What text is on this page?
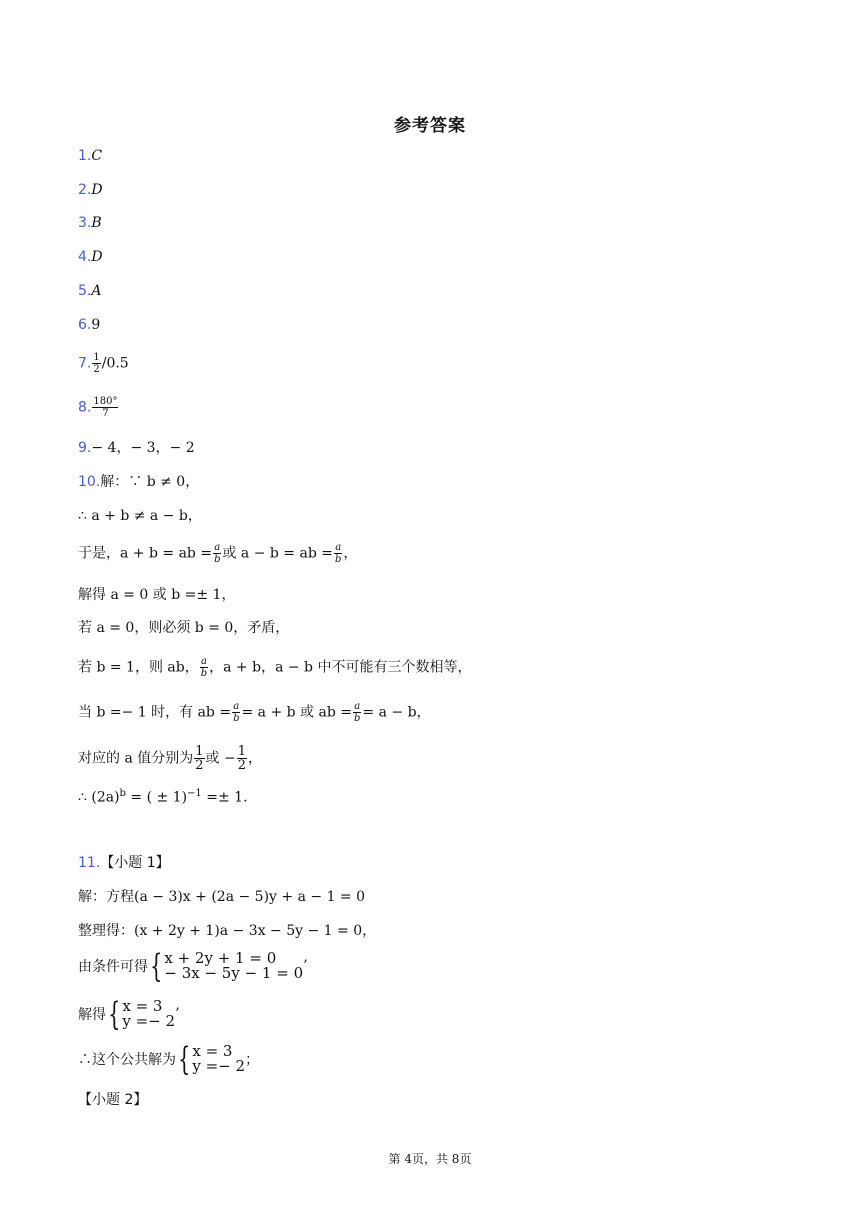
参考答案
1.C
2.D
3.B
4.D
5.A
6.9
7. $\frac{1}{2} /0.5$
8. $\frac{180^\circ}{7}$
9.− 4，− 3，− 2
10.解：∵ b ≠ 0，
∴ a + b ≠ a − b，
于是，a + b = ab = $\frac{a}{b}$ 或 a − b = ab = $\frac{a}{b}$ ，
解得 a = 0 或 b =± 1，
若 a = 0，则必须 b = 0，矛盾，
若 b = 1，则 ab， $\frac{a}{b}$ ，a + b，a − b 中不可能有三个数相等，
当 b =− 1 时，有 ab = $\frac{a}{b} = a + b$ 或 ab = $\frac{a}{b} = a - b$，
对应的 a 值分别为 $\frac{1}{2}$ 或 − $\frac{1}{2}$ ，
∴ $(2a)^b$ = ( ± 1)$^{-1}$ =± 1.
11.【小题 1】
解：方程(a − 3)x + (2a − 5)y + a − 1 = 0
整理得：(x + 2y + 1)a − 3x − 5y − 1 = 0，
由条件可得{ x + 2y + 1 = 0
− 3x − 5y − 1 = 0 ’
解得{ x = 3
y =− 2 ’
∴这个公共解为{ x = 3
y =− 2 ；
【小题 2】
第 4页，共 8页
